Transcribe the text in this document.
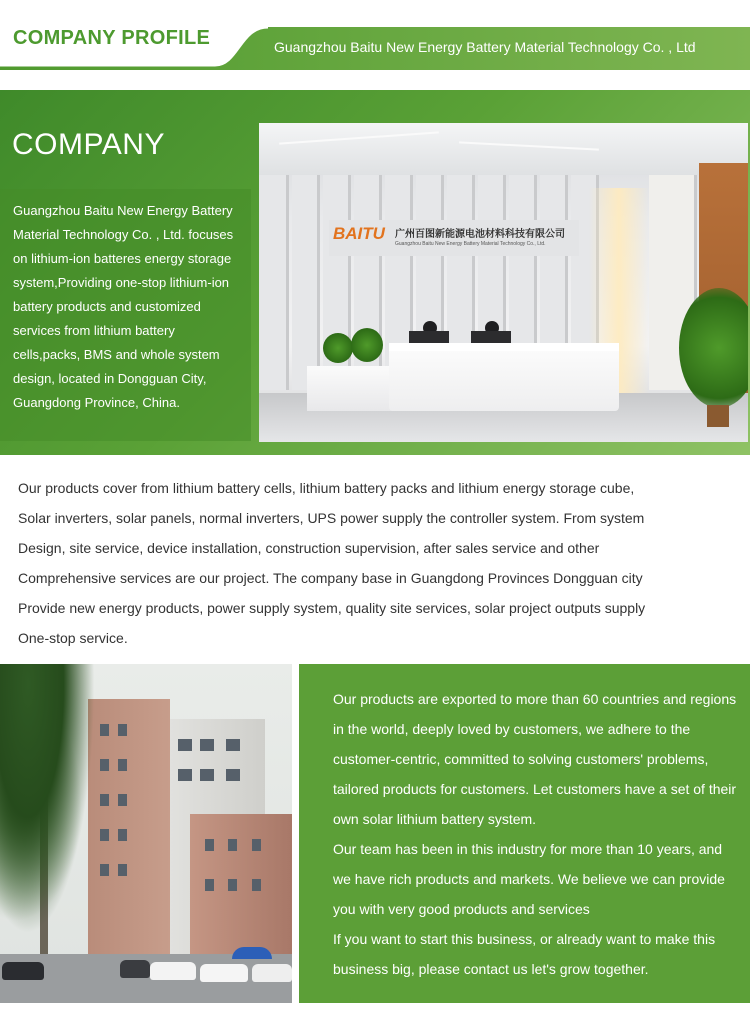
COMPANY PROFILE	Guangzhou Baitu New Energy Battery Material Technology Co. , Ltd
COMPANY

Guangzhou Baitu New Energy Battery Material Technology Co. , Ltd. focuses on lithium-ion batteres energy storage system,Providing one-stop lithium-ion battery products and customized services from lithium battery cells,packs, BMS and whole system design, located in Dongguan City, Guangdong Province, China.

BAITU 广州百图新能源电池材料科技有限公司
Guangzhou Baitu New Energy Battery Material Technology Co., Ltd.
Our products cover from lithium battery cells, lithium battery packs and lithium energy storage cube,
Solar inverters, solar panels, normal inverters, UPS power supply the controller system. From system
Design, site service, device installation, construction supervision, after sales service and other
Comprehensive services are our project. The company base in Guangdong Provinces Dongguan city
Provide new energy products, power supply system, quality site services, solar project outputs supply
One-stop service.

Our products are exported to more than 60 countries and regions in the world, deeply loved by customers, we adhere to the customer-centric, committed to solving customers' problems, tailored products for customers. Let customers have a set of their own solar lithium battery system.

Our team has been in this industry for more than 10 years, and we have rich products and markets. We believe we can provide you with very good products and services

If you want to start this business, or already want to make this business big, please contact us let's grow together.
